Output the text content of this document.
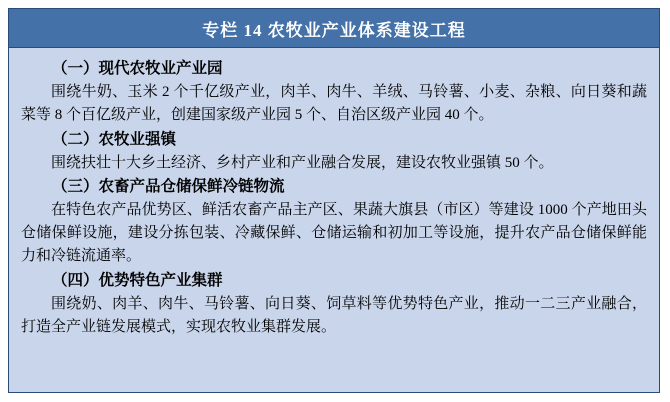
专栏 14 农牧业产业体系建设工程

（一）现代农牧业产业园

围绕牛奶、玉米 2 个千亿级产业，肉羊、肉牛、羊绒、马铃薯、小麦、杂粮、向日葵和蔬菜等 8 个百亿级产业，创建国家级产业园 5 个、自治区级产业园 40 个。

（二）农牧业强镇

围绕扶壮十大乡土经济、乡村产业和产业融合发展，建设农牧业强镇 50 个。

（三）农畜产品仓储保鲜冷链物流

在特色农产品优势区、鲜活农畜产品主产区、果蔬大旗县（市区）等建设 1000 个产地田头仓储保鲜设施，建设分拣包装、冷藏保鲜、仓储运输和初加工等设施，提升农产品仓储保鲜能力和冷链流通率。

（四）优势特色产业集群

围绕奶、肉羊、肉牛、马铃薯、向日葵、饲草料等优势特色产业，推动一二三产业融合，打造全产业链发展模式，实现农牧业集群发展。
